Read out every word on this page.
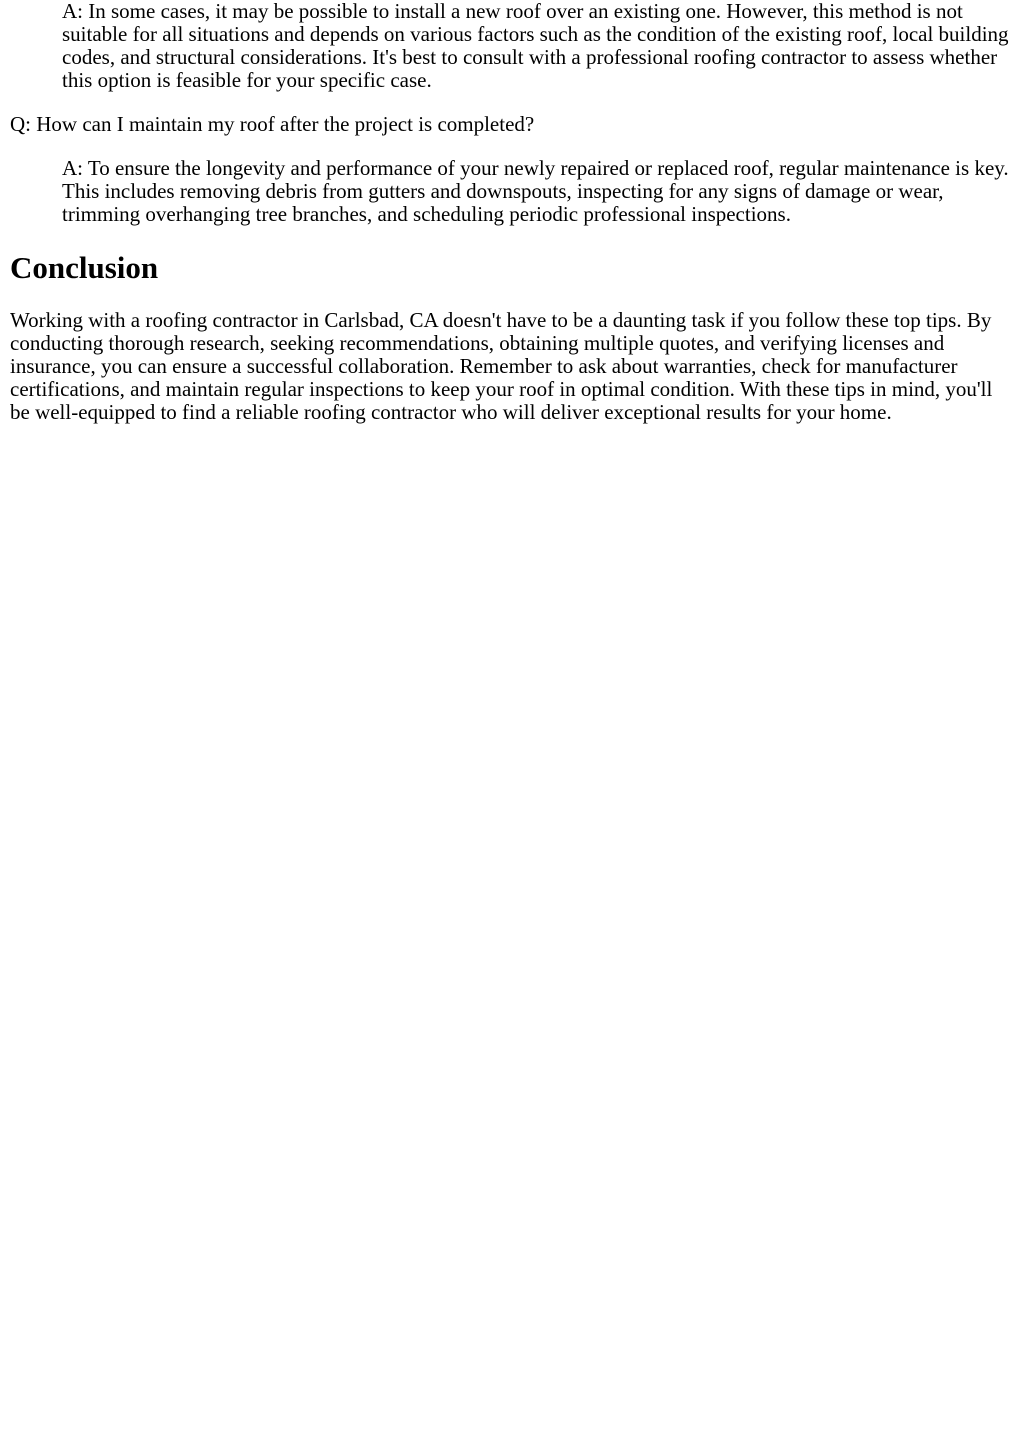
A: In some cases, it may be possible to install a new roof over an existing one. However, this method is not suitable for all situations and depends on various factors such as the condition of the existing roof, local building codes, and structural considerations. It's best to consult with a professional roofing contractor to assess whether this option is feasible for your specific case.

Q: How can I maintain my roof after the project is completed?

A: To ensure the longevity and performance of your newly repaired or replaced roof, regular maintenance is key. This includes removing debris from gutters and downspouts, inspecting for any signs of damage or wear, trimming overhanging tree branches, and scheduling periodic professional inspections.
Conclusion

Working with a roofing contractor in Carlsbad, CA doesn't have to be a daunting task if you follow these top tips. By conducting thorough research, seeking recommendations, obtaining multiple quotes, and verifying licenses and insurance, you can ensure a successful collaboration. Remember to ask about warranties, check for manufacturer certifications, and maintain regular inspections to keep your roof in optimal condition. With these tips in mind, you'll be well-equipped to find a reliable roofing contractor who will deliver exceptional results for your home.
